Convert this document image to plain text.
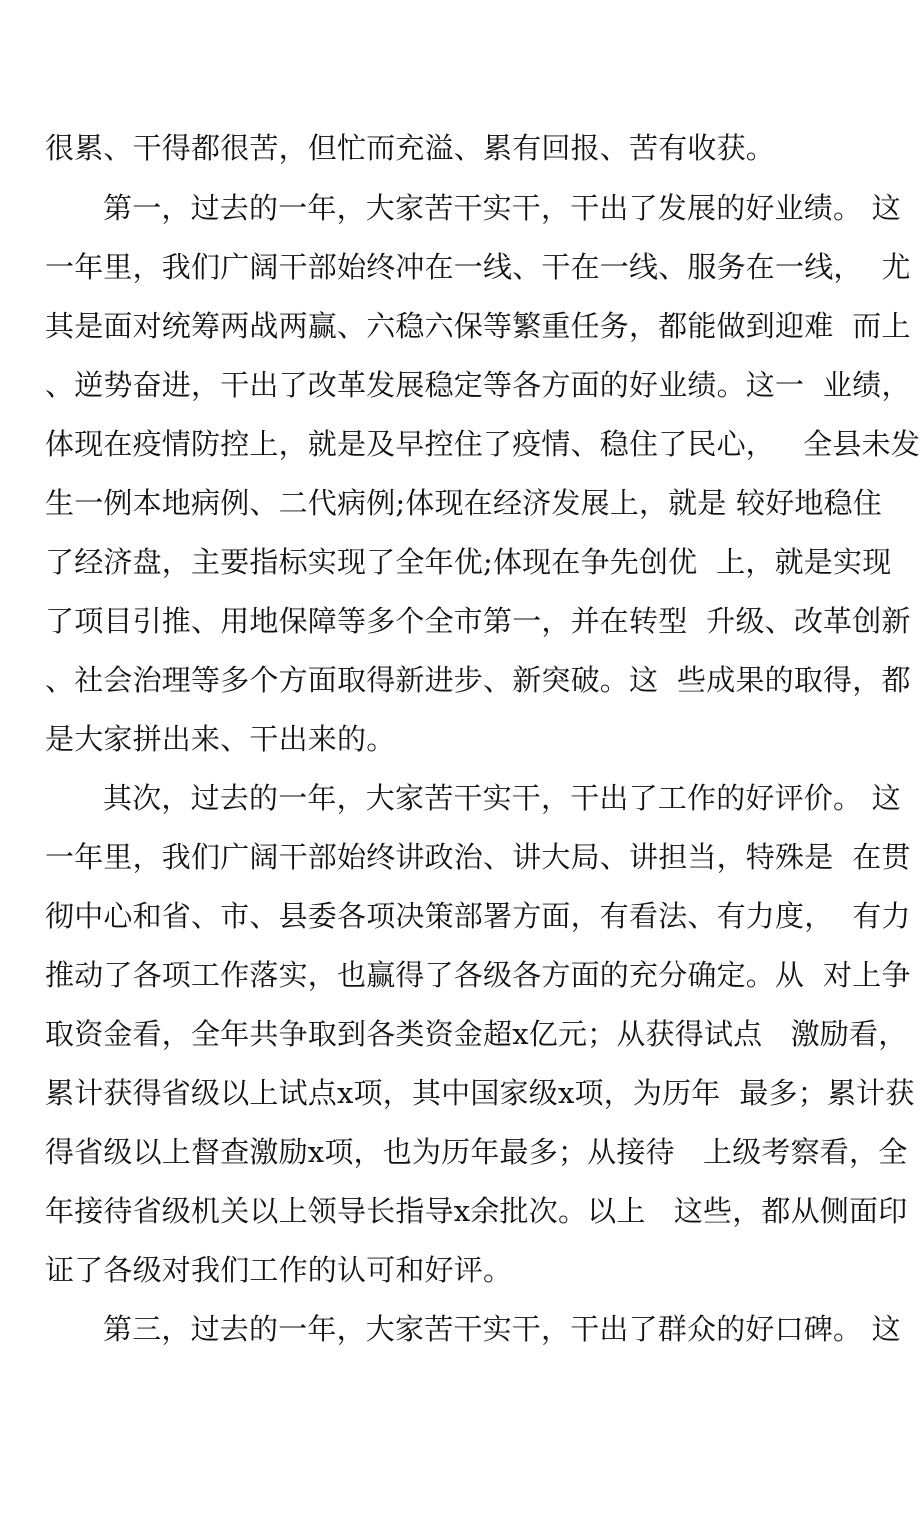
很累、干得都很苦，但忙而充溢、累有回报、苦有收获。
第一，过去的一年，大家苦干实干，干出了发展的好业绩。 这
一年里，我们广阔干部始终冲在一线、干在一线、服务在一线，  尤
其是面对统筹两战两赢、六稳六保等繁重任务，都能做到迎难  而上
、逆势奋进，干出了改革发展稳定等各方面的好业绩。这一  业绩，
体现在疫情防控上，就是及早控住了疫情、稳住了民心，   全县未发
生一例本地病例、二代病例;体现在经济发展上，就是 较好地稳住
了经济盘，主要指标实现了全年优;体现在争先创优  上，就是实现
了项目引推、用地保障等多个全市第一，并在转型  升级、改革创新
、社会治理等多个方面取得新进步、新突破。这  些成果的取得，都
是大家拼出来、干出来的。
其次，过去的一年，大家苦干实干，干出了工作的好评价。 这
一年里，我们广阔干部始终讲政治、讲大局、讲担当，特殊是  在贯
彻中心和省、市、县委各项决策部署方面，有看法、有力度，  有力
推动了各项工作落实，也赢得了各级各方面的充分确定。从  对上争
取资金看，全年共争取到各类资金超x亿元；从获得试点   激励看，
累计获得省级以上试点x项，其中国家级x项，为历年  最多；累计获
得省级以上督查激励x项，也为历年最多；从接待   上级考察看，全
年接待省级机关以上领导长指导x余批次。以上   这些，都从侧面印
证了各级对我们工作的认可和好评。
第三，过去的一年，大家苦干实干，干出了群众的好口碑。 这
